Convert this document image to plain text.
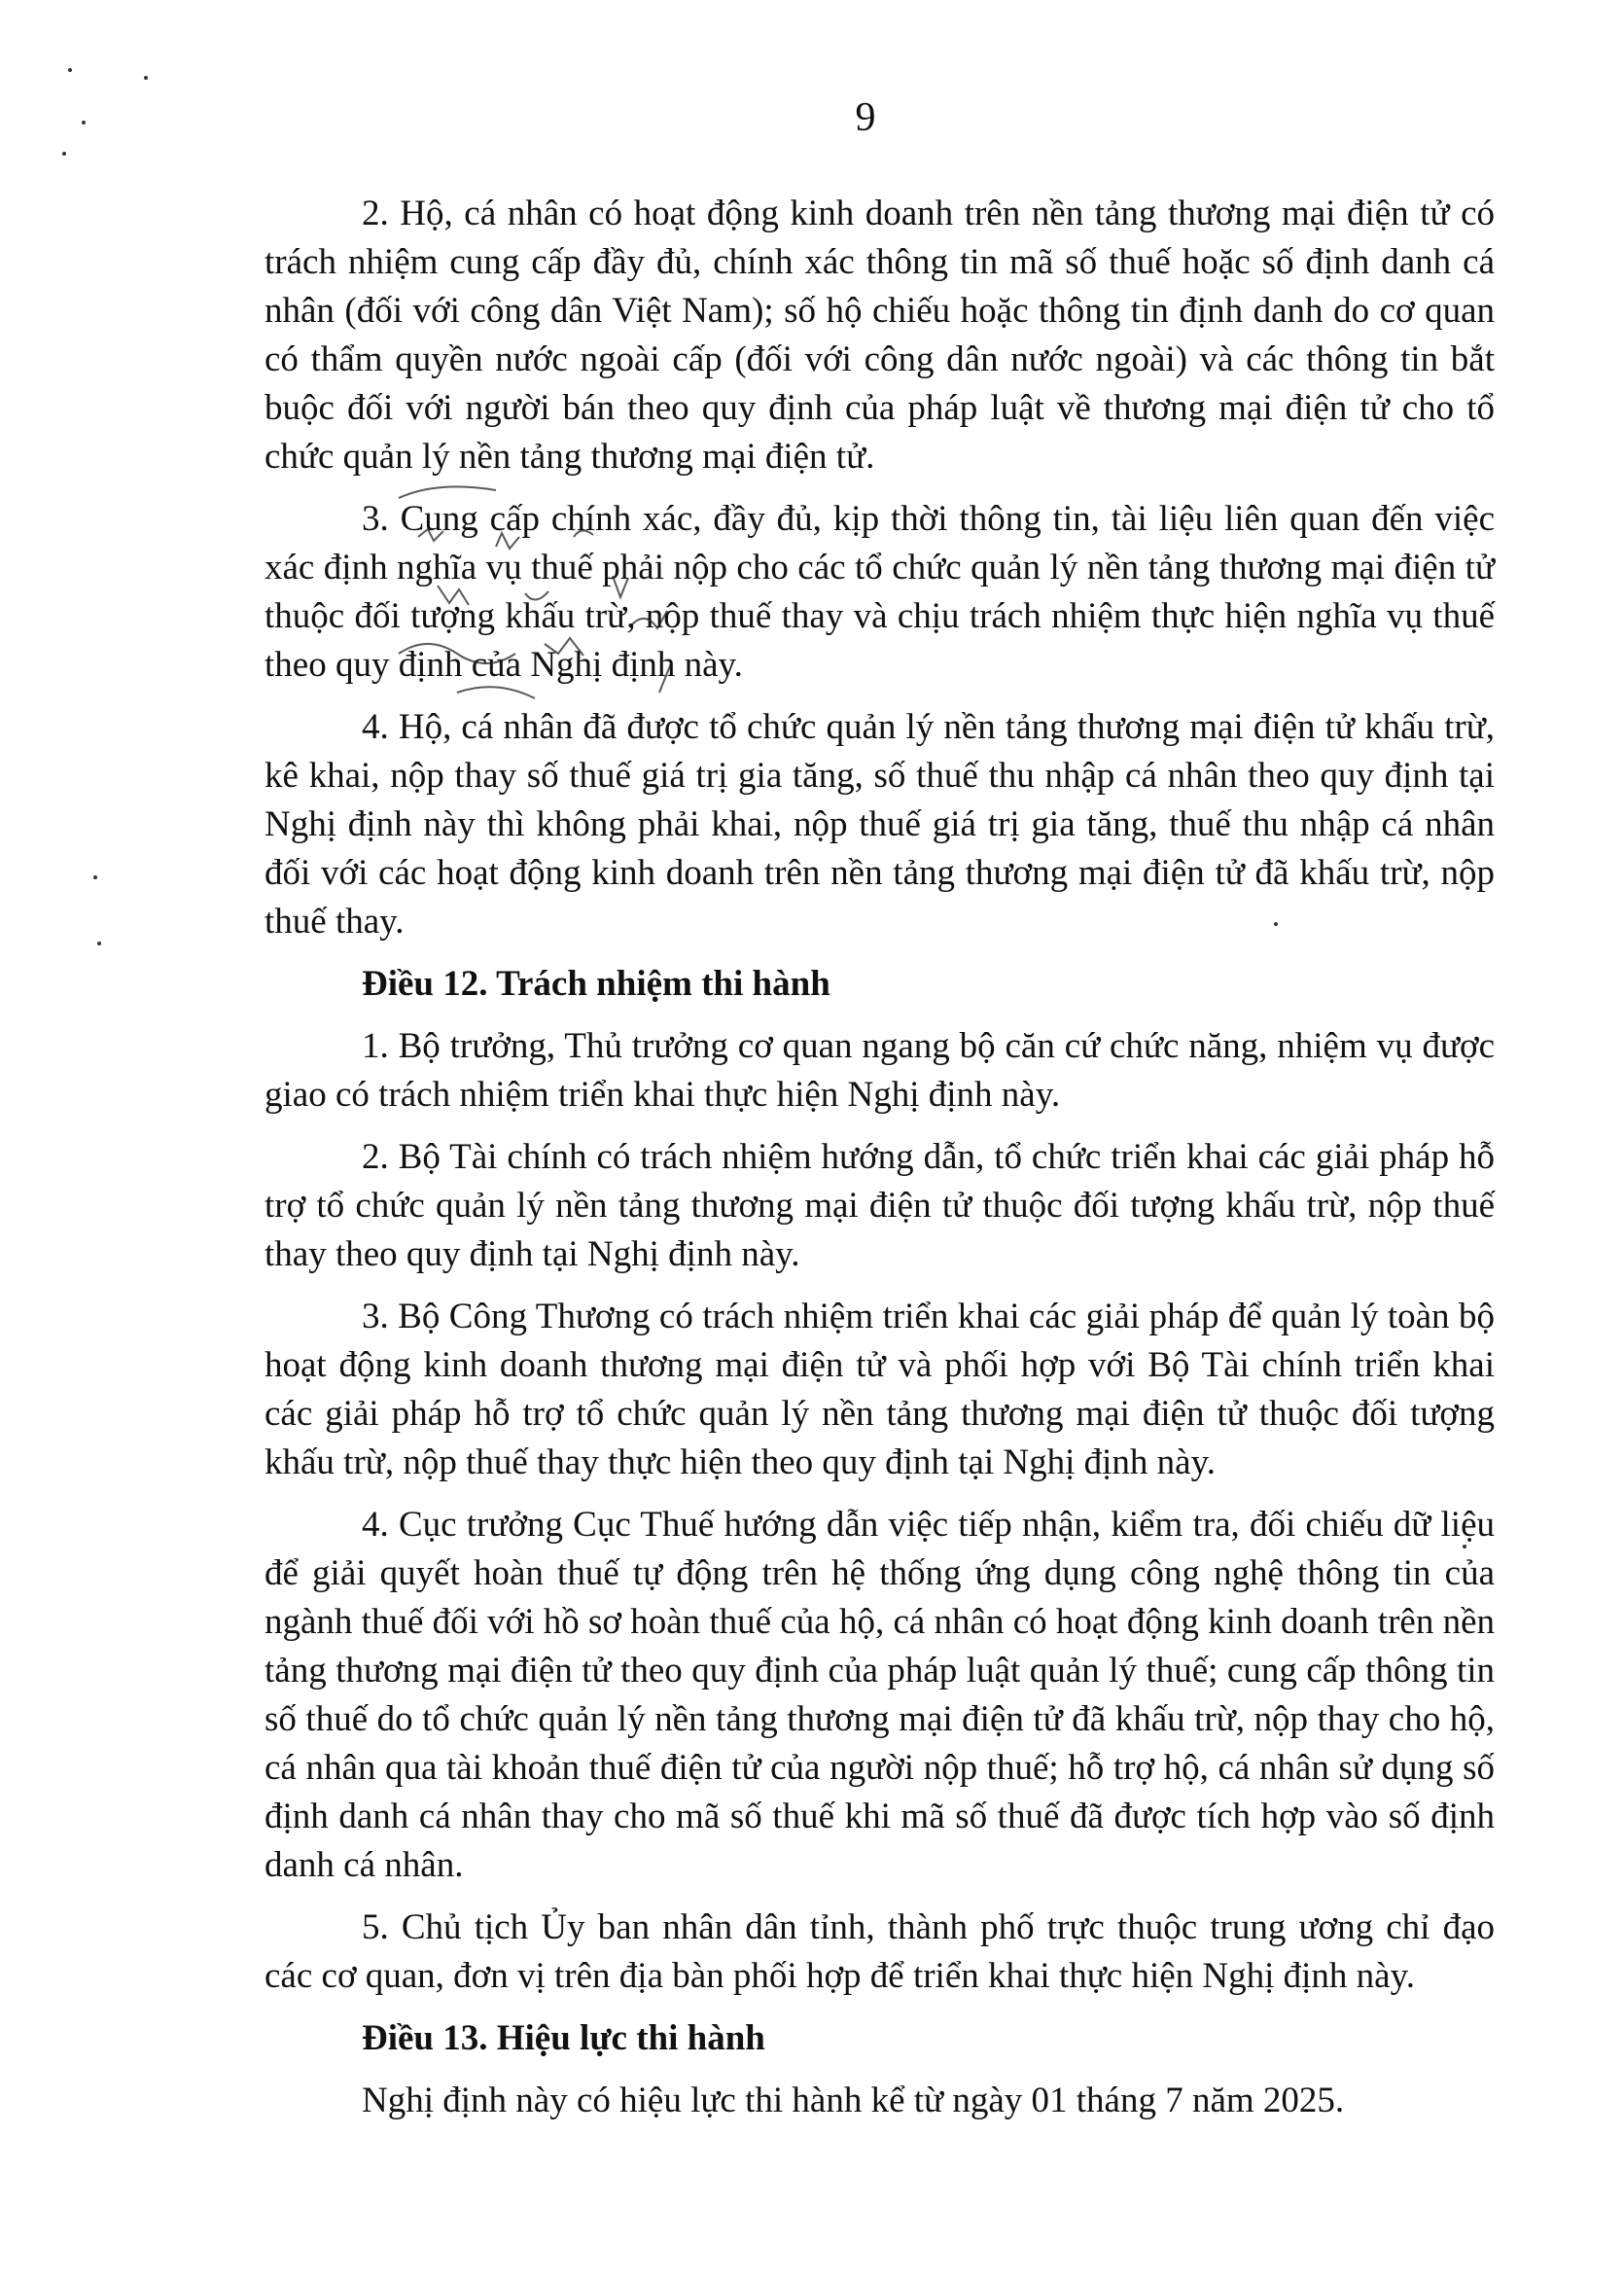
9

2. Hộ, cá nhân có hoạt động kinh doanh trên nền tảng thương mại điện tử có trách nhiệm cung cấp đầy đủ, chính xác thông tin mã số thuế hoặc số định danh cá nhân (đối với công dân Việt Nam); số hộ chiếu hoặc thông tin định danh do cơ quan có thẩm quyền nước ngoài cấp (đối với công dân nước ngoài) và các thông tin bắt buộc đối với người bán theo quy định của pháp luật về thương mại điện tử cho tổ chức quản lý nền tảng thương mại điện tử.

3. Cung cấp chính xác, đầy đủ, kịp thời thông tin, tài liệu liên quan đến việc xác định nghĩa vụ thuế phải nộp cho các tổ chức quản lý nền tảng thương mại điện tử thuộc đối tượng khấu trừ, nộp thuế thay và chịu trách nhiệm thực hiện nghĩa vụ thuế theo quy định của Nghị định này.

4. Hộ, cá nhân đã được tổ chức quản lý nền tảng thương mại điện tử khấu trừ, kê khai, nộp thay số thuế giá trị gia tăng, số thuế thu nhập cá nhân theo quy định tại Nghị định này thì không phải khai, nộp thuế giá trị gia tăng, thuế thu nhập cá nhân đối với các hoạt động kinh doanh trên nền tảng thương mại điện tử đã khấu trừ, nộp thuế thay.

Điều 12. Trách nhiệm thi hành

1. Bộ trưởng, Thủ trưởng cơ quan ngang bộ căn cứ chức năng, nhiệm vụ được giao có trách nhiệm triển khai thực hiện Nghị định này.

2. Bộ Tài chính có trách nhiệm hướng dẫn, tổ chức triển khai các giải pháp hỗ trợ tổ chức quản lý nền tảng thương mại điện tử thuộc đối tượng khấu trừ, nộp thuế thay theo quy định tại Nghị định này.

3. Bộ Công Thương có trách nhiệm triển khai các giải pháp để quản lý toàn bộ hoạt động kinh doanh thương mại điện tử và phối hợp với Bộ Tài chính triển khai các giải pháp hỗ trợ tổ chức quản lý nền tảng thương mại điện tử thuộc đối tượng khấu trừ, nộp thuế thay thực hiện theo quy định tại Nghị định này.

4. Cục trưởng Cục Thuế hướng dẫn việc tiếp nhận, kiểm tra, đối chiếu dữ liệu để giải quyết hoàn thuế tự động trên hệ thống ứng dụng công nghệ thông tin của ngành thuế đối với hồ sơ hoàn thuế của hộ, cá nhân có hoạt động kinh doanh trên nền tảng thương mại điện tử theo quy định của pháp luật quản lý thuế; cung cấp thông tin số thuế do tổ chức quản lý nền tảng thương mại điện tử đã khấu trừ, nộp thay cho hộ, cá nhân qua tài khoản thuế điện tử của người nộp thuế; hỗ trợ hộ, cá nhân sử dụng số định danh cá nhân thay cho mã số thuế khi mã số thuế đã được tích hợp vào số định danh cá nhân.

5. Chủ tịch Ủy ban nhân dân tỉnh, thành phố trực thuộc trung ương chỉ đạo các cơ quan, đơn vị trên địa bàn phối hợp để triển khai thực hiện Nghị định này.

Điều 13. Hiệu lực thi hành

Nghị định này có hiệu lực thi hành kể từ ngày 01 tháng 7 năm 2025.
